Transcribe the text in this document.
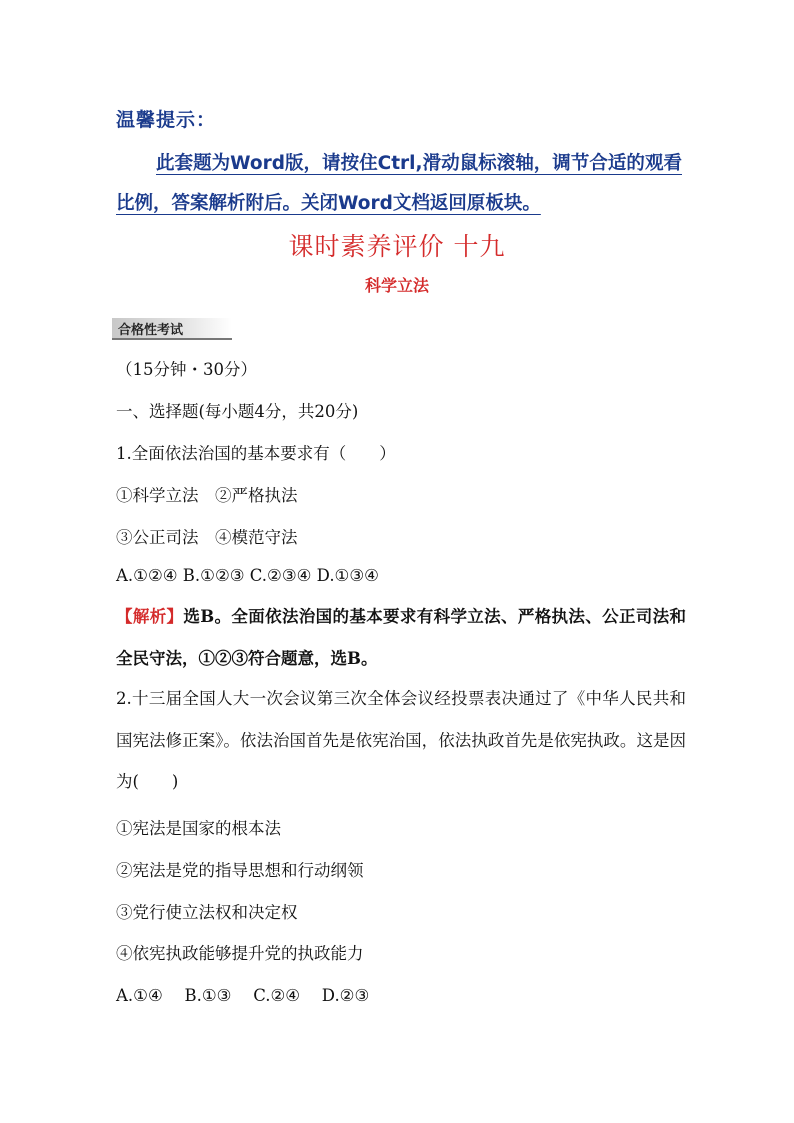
温馨提示：
此套题为Word版，请按住Ctrl,滑动鼠标滚轴，调节合适的观看比例，答案解析附后。关闭Word文档返回原板块。
课时素养评价 十九
科学立法
合格性考试
（15分钟・30分）
一、选择题(每小题4分，共20分)
1.全面依法治国的基本要求有（　　）
①科学立法　②严格执法
③公正司法　④模范守法
A.①②④ B.①②③ C.②③④ D.①③④
【解析】选B。全面依法治国的基本要求有科学立法、严格执法、公正司法和全民守法，①②③符合题意，选B。
2.十三届全国人大一次会议第三次全体会议经投票表决通过了《中华人民共和国宪法修正案》。依法治国首先是依宪治国，依法执政首先是依宪执政。这是因为(　　)
①宪法是国家的根本法
②宪法是党的指导思想和行动纲领
③党行使立法权和决定权
④依宪执政能够提升党的执政能力
A.①④　 B.①③　 C.②④　 D.②③
